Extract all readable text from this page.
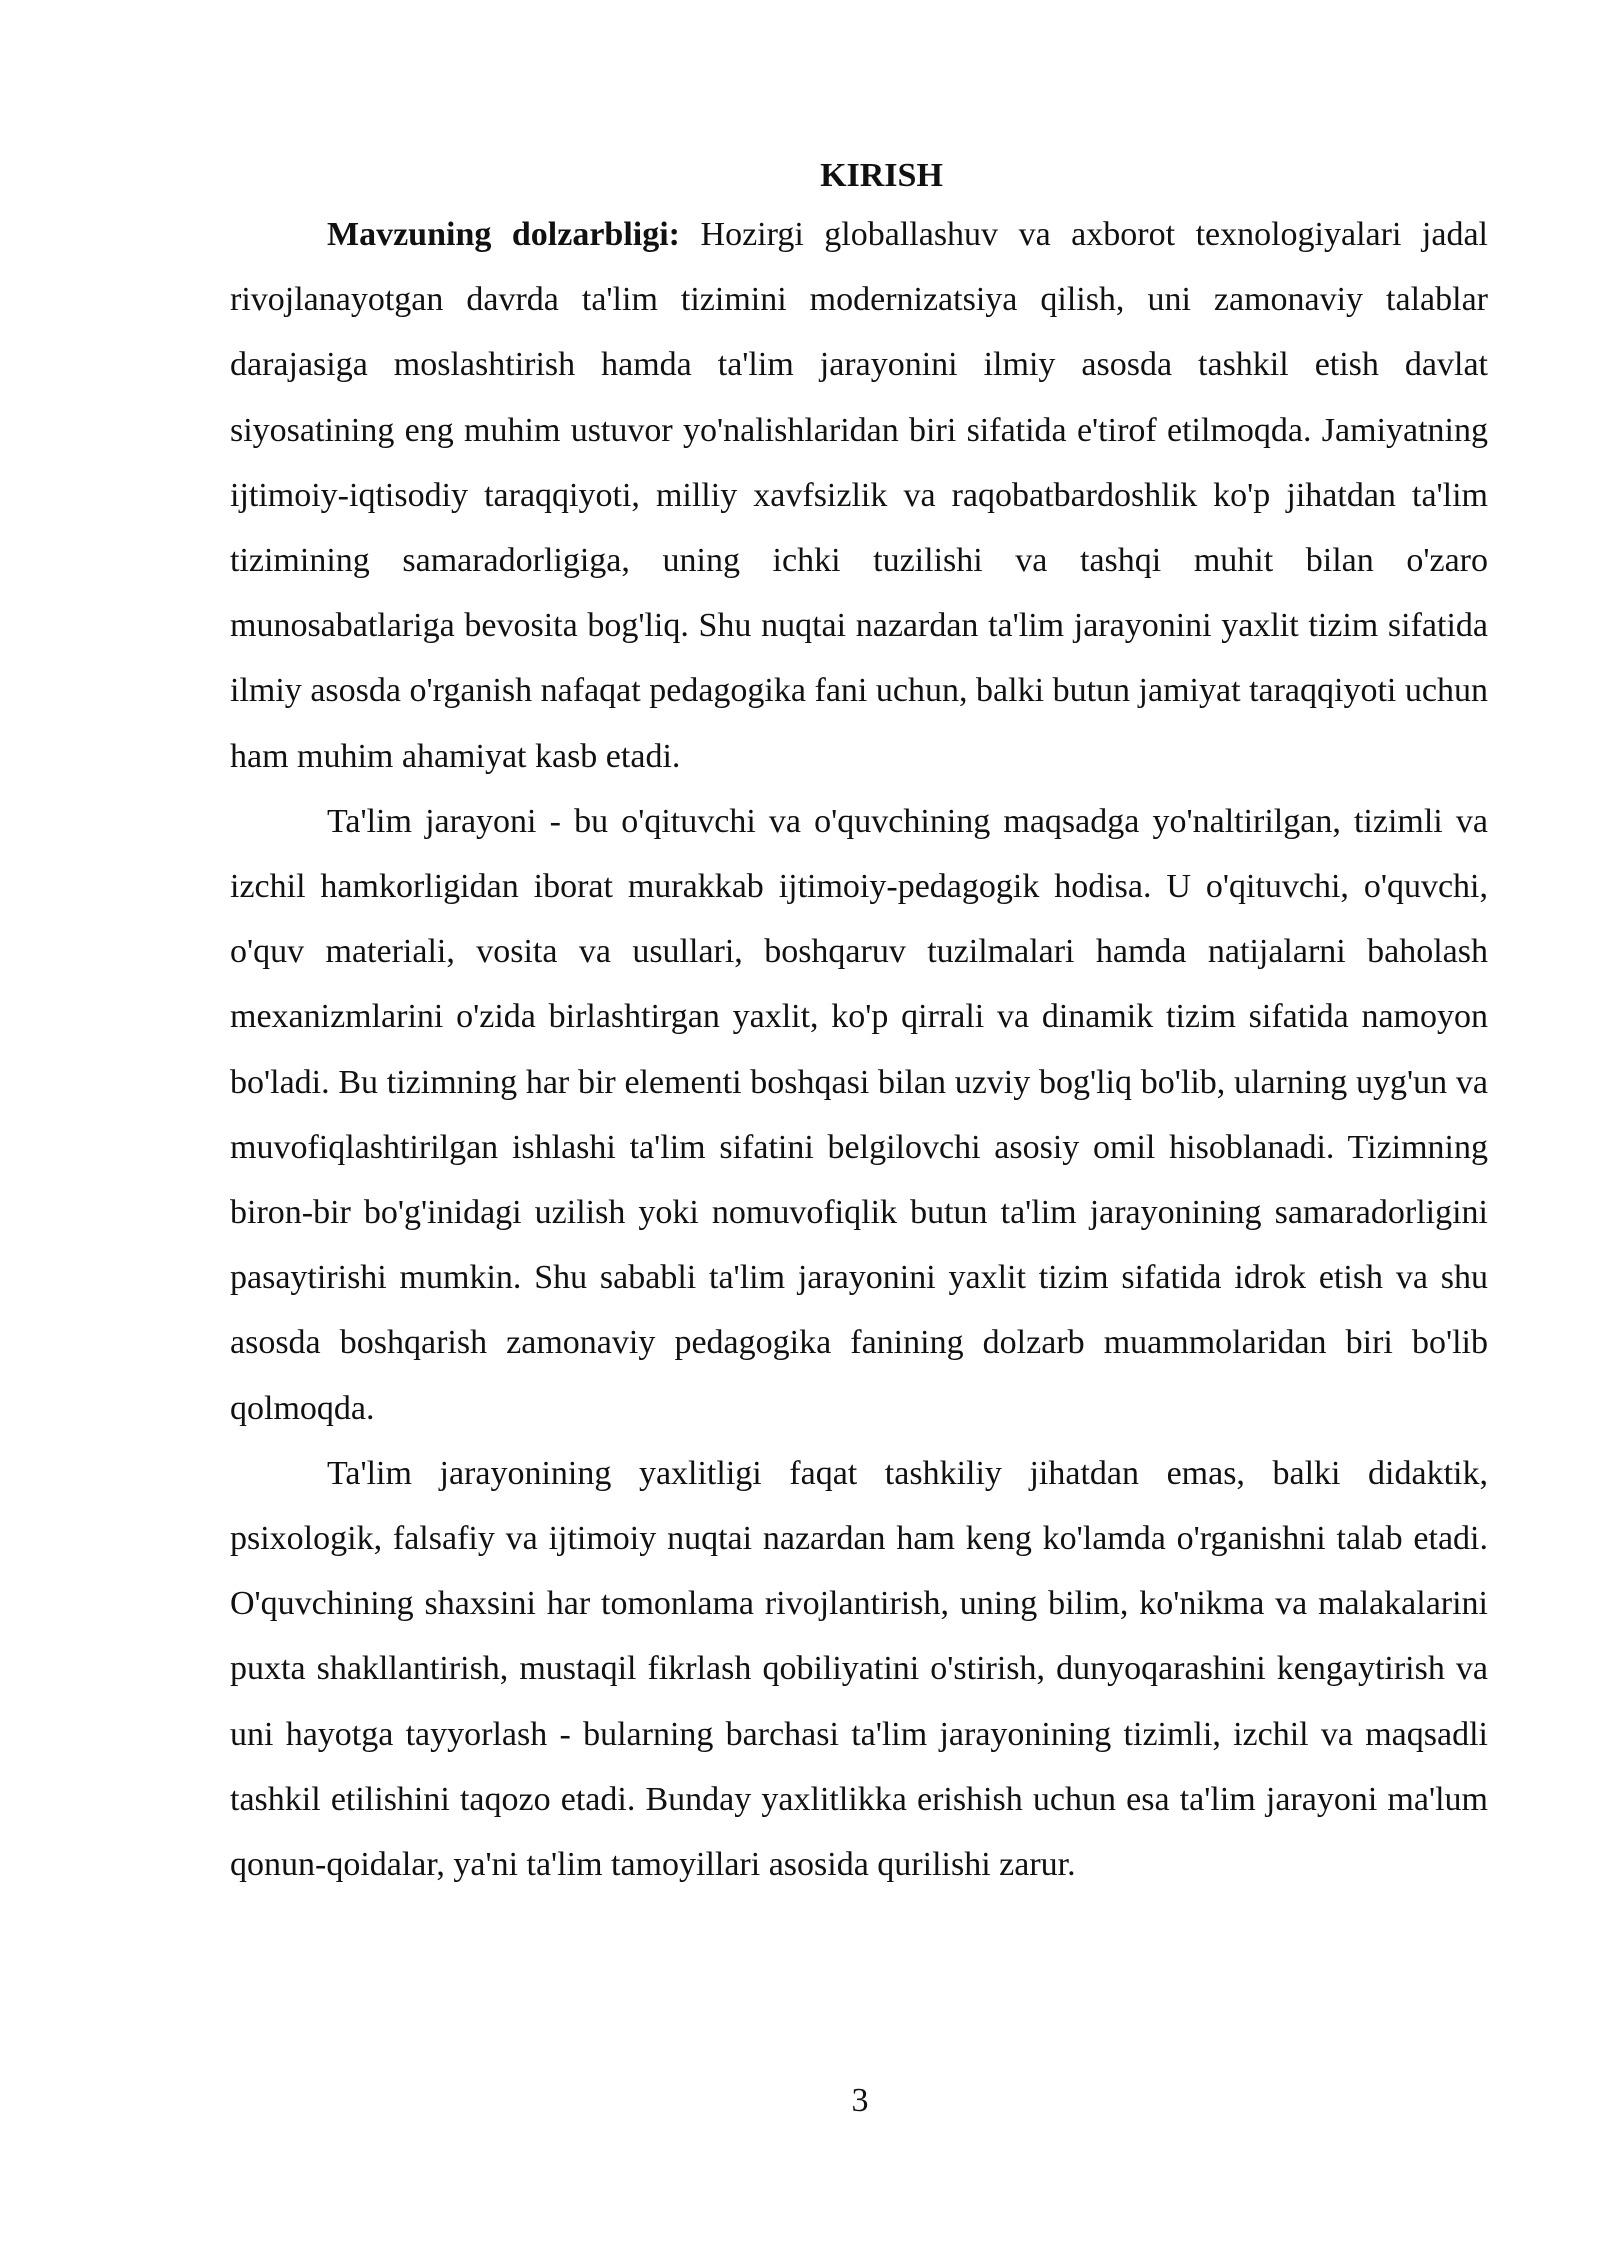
KIRISH

Mavzuning dolzarbligi: Hozirgi globallashuv va axborot texnologiyalari jadal rivojlanayotgan davrda ta'lim tizimini modernizatsiya qilish, uni zamonaviy talablar darajasiga moslashtirish hamda ta'lim jarayonini ilmiy asosda tashkil etish davlat siyosatining eng muhim ustuvor yo'nalishlaridan biri sifatida e'tirof etilmoqda. Jamiyatning ijtimoiy-iqtisodiy taraqqiyoti, milliy xavfsizlik va raqobatbardoshlik ko'p jihatdan ta'lim tizimining samaradorligiga, uning ichki tuzilishi va tashqi muhit bilan o'zaro munosabatlariga bevosita bog'liq. Shu nuqtai nazardan ta'lim jarayonini yaxlit tizim sifatida ilmiy asosda o'rganish nafaqat pedagogika fani uchun, balki butun jamiyat taraqqiyoti uchun ham muhim ahamiyat kasb etadi.

Ta'lim jarayoni - bu o'qituvchi va o'quvchining maqsadga yo'naltirilgan, tizimli va izchil hamkorligidan iborat murakkab ijtimoiy-pedagogik hodisa. U o'qituvchi, o'quvchi, o'quv materiali, vosita va usullari, boshqaruv tuzilmalari hamda natijalarni baholash mexanizmlarini o'zida birlashtirgan yaxlit, ko'p qirrali va dinamik tizim sifatida namoyon bo'ladi. Bu tizimning har bir elementi boshqasi bilan uzviy bog'liq bo'lib, ularning uyg'un va muvofiqlashtirilgan ishlashi ta'lim sifatini belgilovchi asosiy omil hisoblanadi. Tizimning biron-bir bo'g'inidagi uzilish yoki nomuvofiqlik butun ta'lim jarayonining samaradorligini pasaytirishi mumkin. Shu sababli ta'lim jarayonini yaxlit tizim sifatida idrok etish va shu asosda boshqarish zamonaviy pedagogika fanining dolzarb muammolaridan biri bo'lib qolmoqda.

Ta'lim jarayonining yaxlitligi faqat tashkiliy jihatdan emas, balki didaktik, psixologik, falsafiy va ijtimoiy nuqtai nazardan ham keng ko'lamda o'rganishni talab etadi. O'quvchining shaxsini har tomonlama rivojlantirish, uning bilim, ko'nikma va malakalarini puxta shakllantirish, mustaqil fikrlash qobiliyatini o'stirish, dunyoqarashini kengaytirish va uni hayotga tayyorlash - bularning barchasi ta'lim jarayonining tizimli, izchil va maqsadli tashkil etilishini taqozo etadi. Bunday yaxlitlikka erishish uchun esa ta'lim jarayoni ma'lum qonun-qoidalar, ya'ni ta'lim tamoyillari asosida qurilishi zarur.

3
